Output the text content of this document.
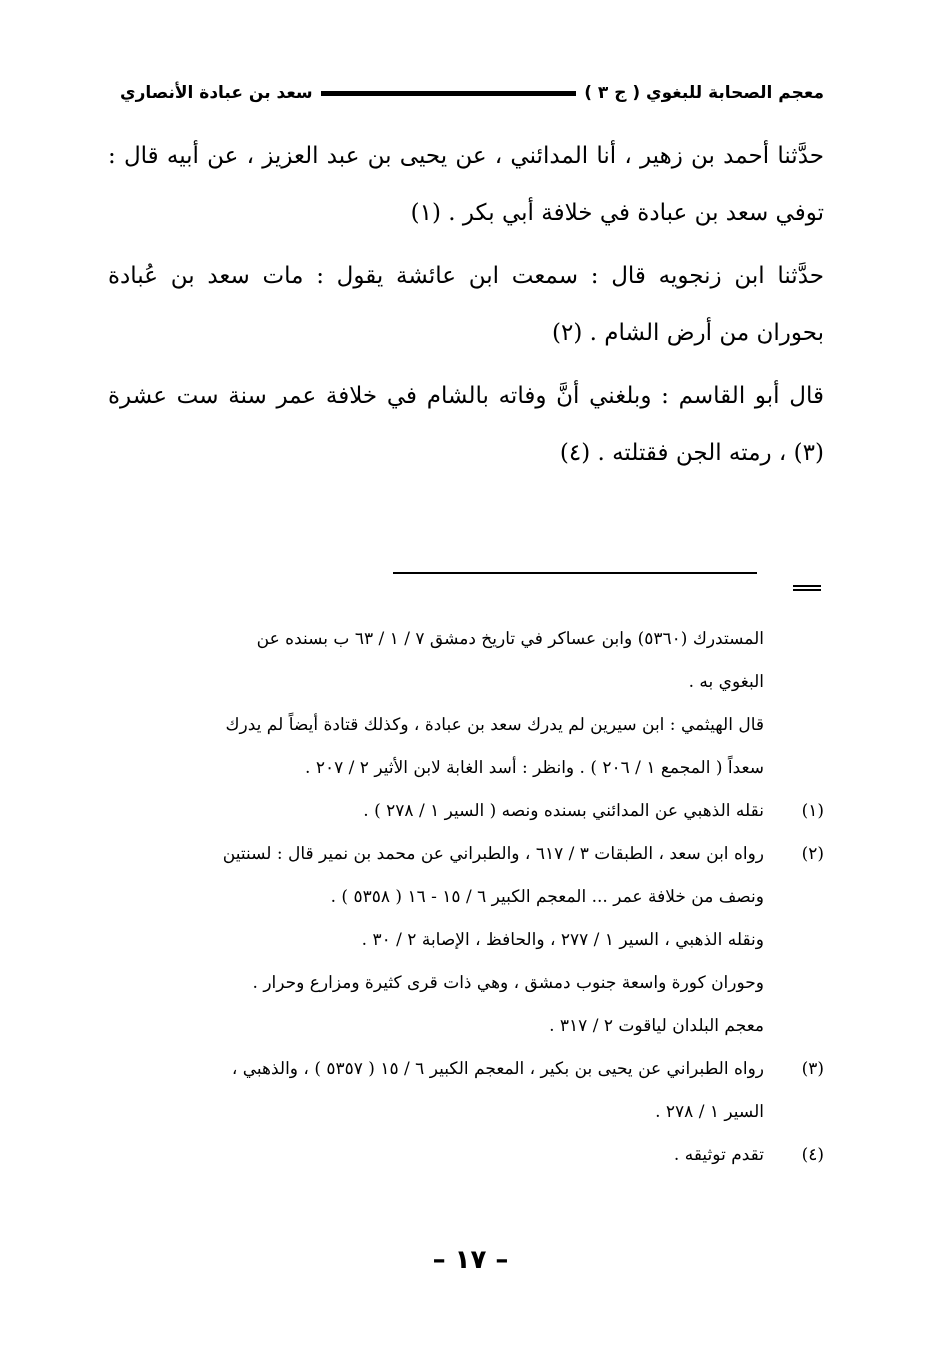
معجم الصحابة للبغوي ( ج ٣ )
سعد بن عبادة الأنصاري

حدَّثنا أحمد بن زهير ، أنا المدائني ، عن يحيى بن عبد العزيز ، عن أبيه قال : توفي سعد بن عبادة في خلافة أبي بكر . (١)

حدَّثنا ابن زنجويه قال : سمعت ابن عائشة يقول : مات سعد بن عُبادة بحوران من أرض الشام . (٢)

قال أبو القاسم : وبلغني أنَّ وفاته بالشام في خلافة عمر سنة ست عشرة (٣) ، رمته الجن فقتلته . (٤)

المستدرك (٥٣٦٠) وابن عساكر في تاريخ دمشق ٧ / ١ / ٦٣ ب بسنده عن
البغوي به .
قال الهيثمي : ابن سيرين لم يدرك سعد بن عبادة ، وكذلك قتادة أيضاً لم يدرك
سعداً ( المجمع ١ / ٢٠٦ ) . وانظر : أسد الغابة لابن الأثير ٢ / ٢٠٧ .
(١)
نقله الذهبي عن المدائني بسنده ونصه ( السير ١ / ٢٧٨ ) .
(٢)
رواه ابن سعد ، الطبقات ٣ / ٦١٧ ، والطبراني عن محمد بن نمير قال : لسنتين
ونصف من خلافة عمر ... المعجم الكبير ٦ / ١٥ - ١٦ ( ٥٣٥٨ ) .
ونقله الذهبي ، السير ١ / ٢٧٧ ، والحافظ ، الإصابة ٢ / ٣٠ .
وحوران كورة واسعة جنوب دمشق ، وهي ذات قرى كثيرة ومزارع وحرار .
معجم البلدان لياقوت ٢ / ٣١٧ .
(٣)
رواه الطبراني عن يحيى بن بكير ، المعجم الكبير ٦ / ١٥ ( ٥٣٥٧ ) ، والذهبي ،
السير ١ / ٢٧٨ .
(٤)
تقدم توثيقه .
– ١٧ –
